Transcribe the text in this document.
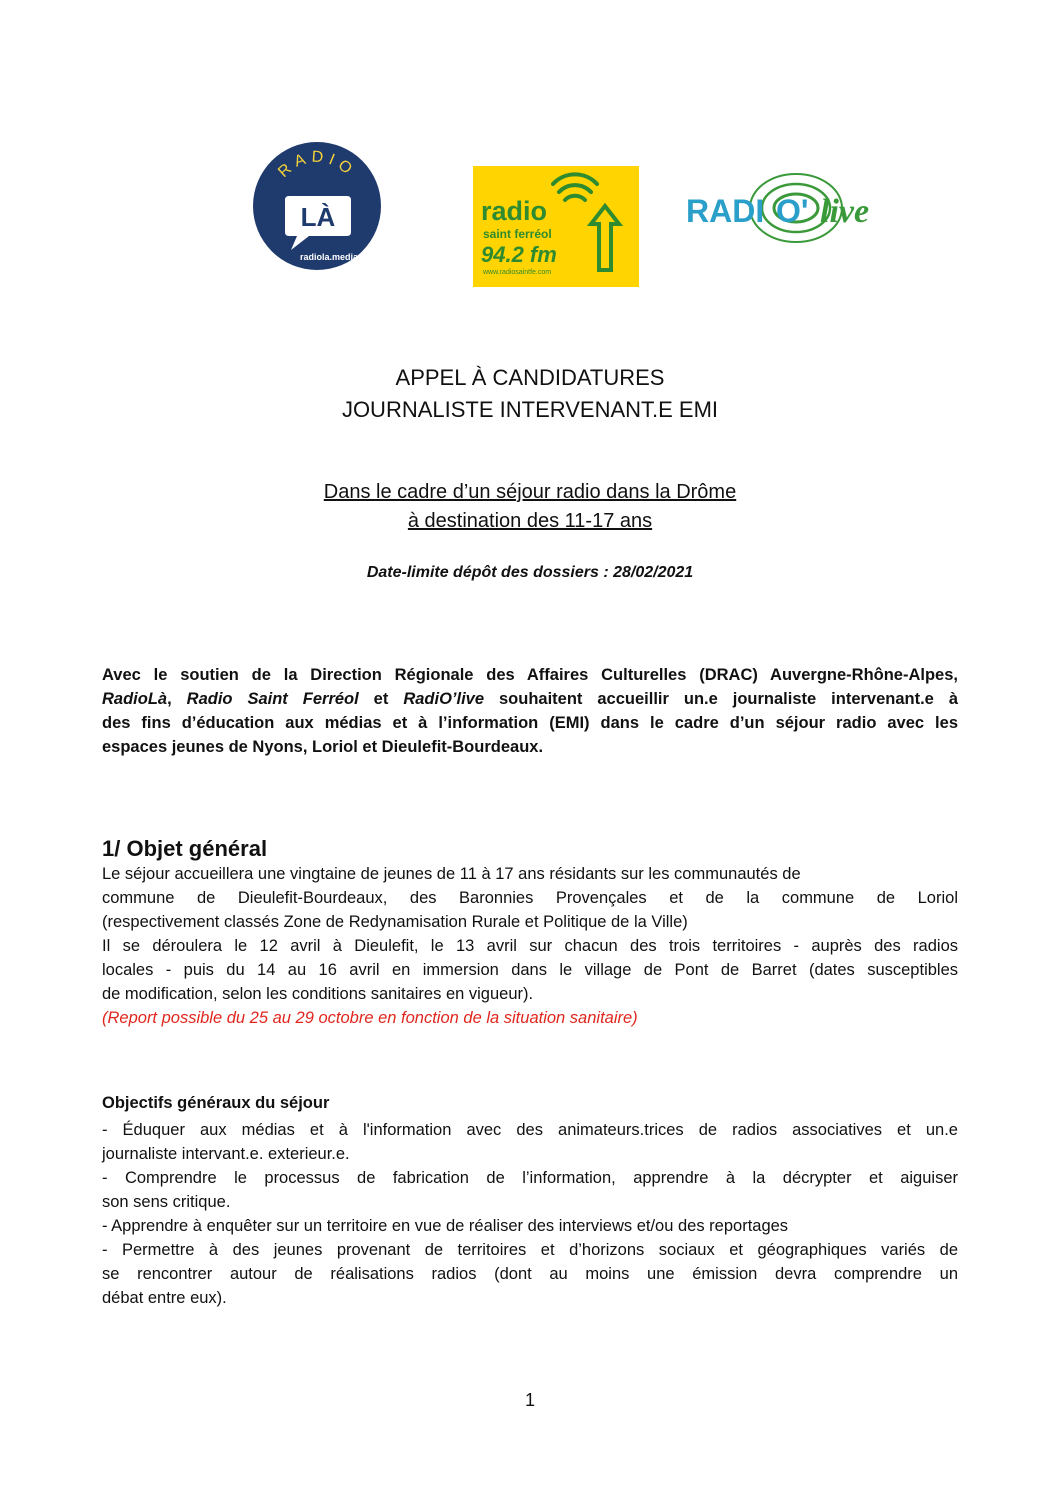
RADIO
LÀ
radiola.media
radio
saint ferréol
94.2 fm
www.radiosaintfe.com
RADI O' live
APPEL À CANDIDATURES
JOURNALISTE INTERVENANT.E EMI
Dans le cadre d’un séjour radio dans la Drôme
à destination des 11-17 ans
Date-limite dépôt des dossiers : 28/02/2021
Avec le soutien de la Direction Régionale des Affaires Culturelles (DRAC) Auvergne-Rhône-Alpes,
RadioLà, Radio Saint Ferréol et RadiO’live souhaitent accueillir un.e journaliste intervenant.e à
des fins d’éducation aux médias et à l’information (EMI) dans le cadre d’un séjour radio avec les
espaces jeunes de Nyons, Loriol et Dieulefit-Bourdeaux.
1/ Objet général
Le séjour accueillera une vingtaine de jeunes de 11 à 17 ans résidants sur les communautés de
commune de Dieulefit-Bourdeaux, des Baronnies Provençales et de la commune de Loriol
(respectivement classés Zone de Redynamisation Rurale et Politique de la Ville)
Il se déroulera le 12 avril à Dieulefit, le 13 avril sur chacun des trois territoires - auprès des radios
locales - puis du 14 au 16 avril en immersion dans le village de Pont de Barret (dates susceptibles
de modification, selon les conditions sanitaires en vigueur).
(Report possible du 25 au 29 octobre en fonction de la situation sanitaire)
Objectifs généraux du séjour
- Éduquer aux médias et à l'information avec des animateurs.trices de radios associatives et un.e
journaliste intervant.e. exterieur.e.
- Comprendre le processus de fabrication de l’information, apprendre à la décrypter et aiguiser
son sens critique.
- Apprendre à enquêter sur un territoire en vue de réaliser des interviews et/ou des reportages
- Permettre à des jeunes provenant de territoires et d’horizons sociaux et géographiques variés de
se rencontrer autour de réalisations radios (dont au moins une émission devra comprendre un
débat entre eux).
1
